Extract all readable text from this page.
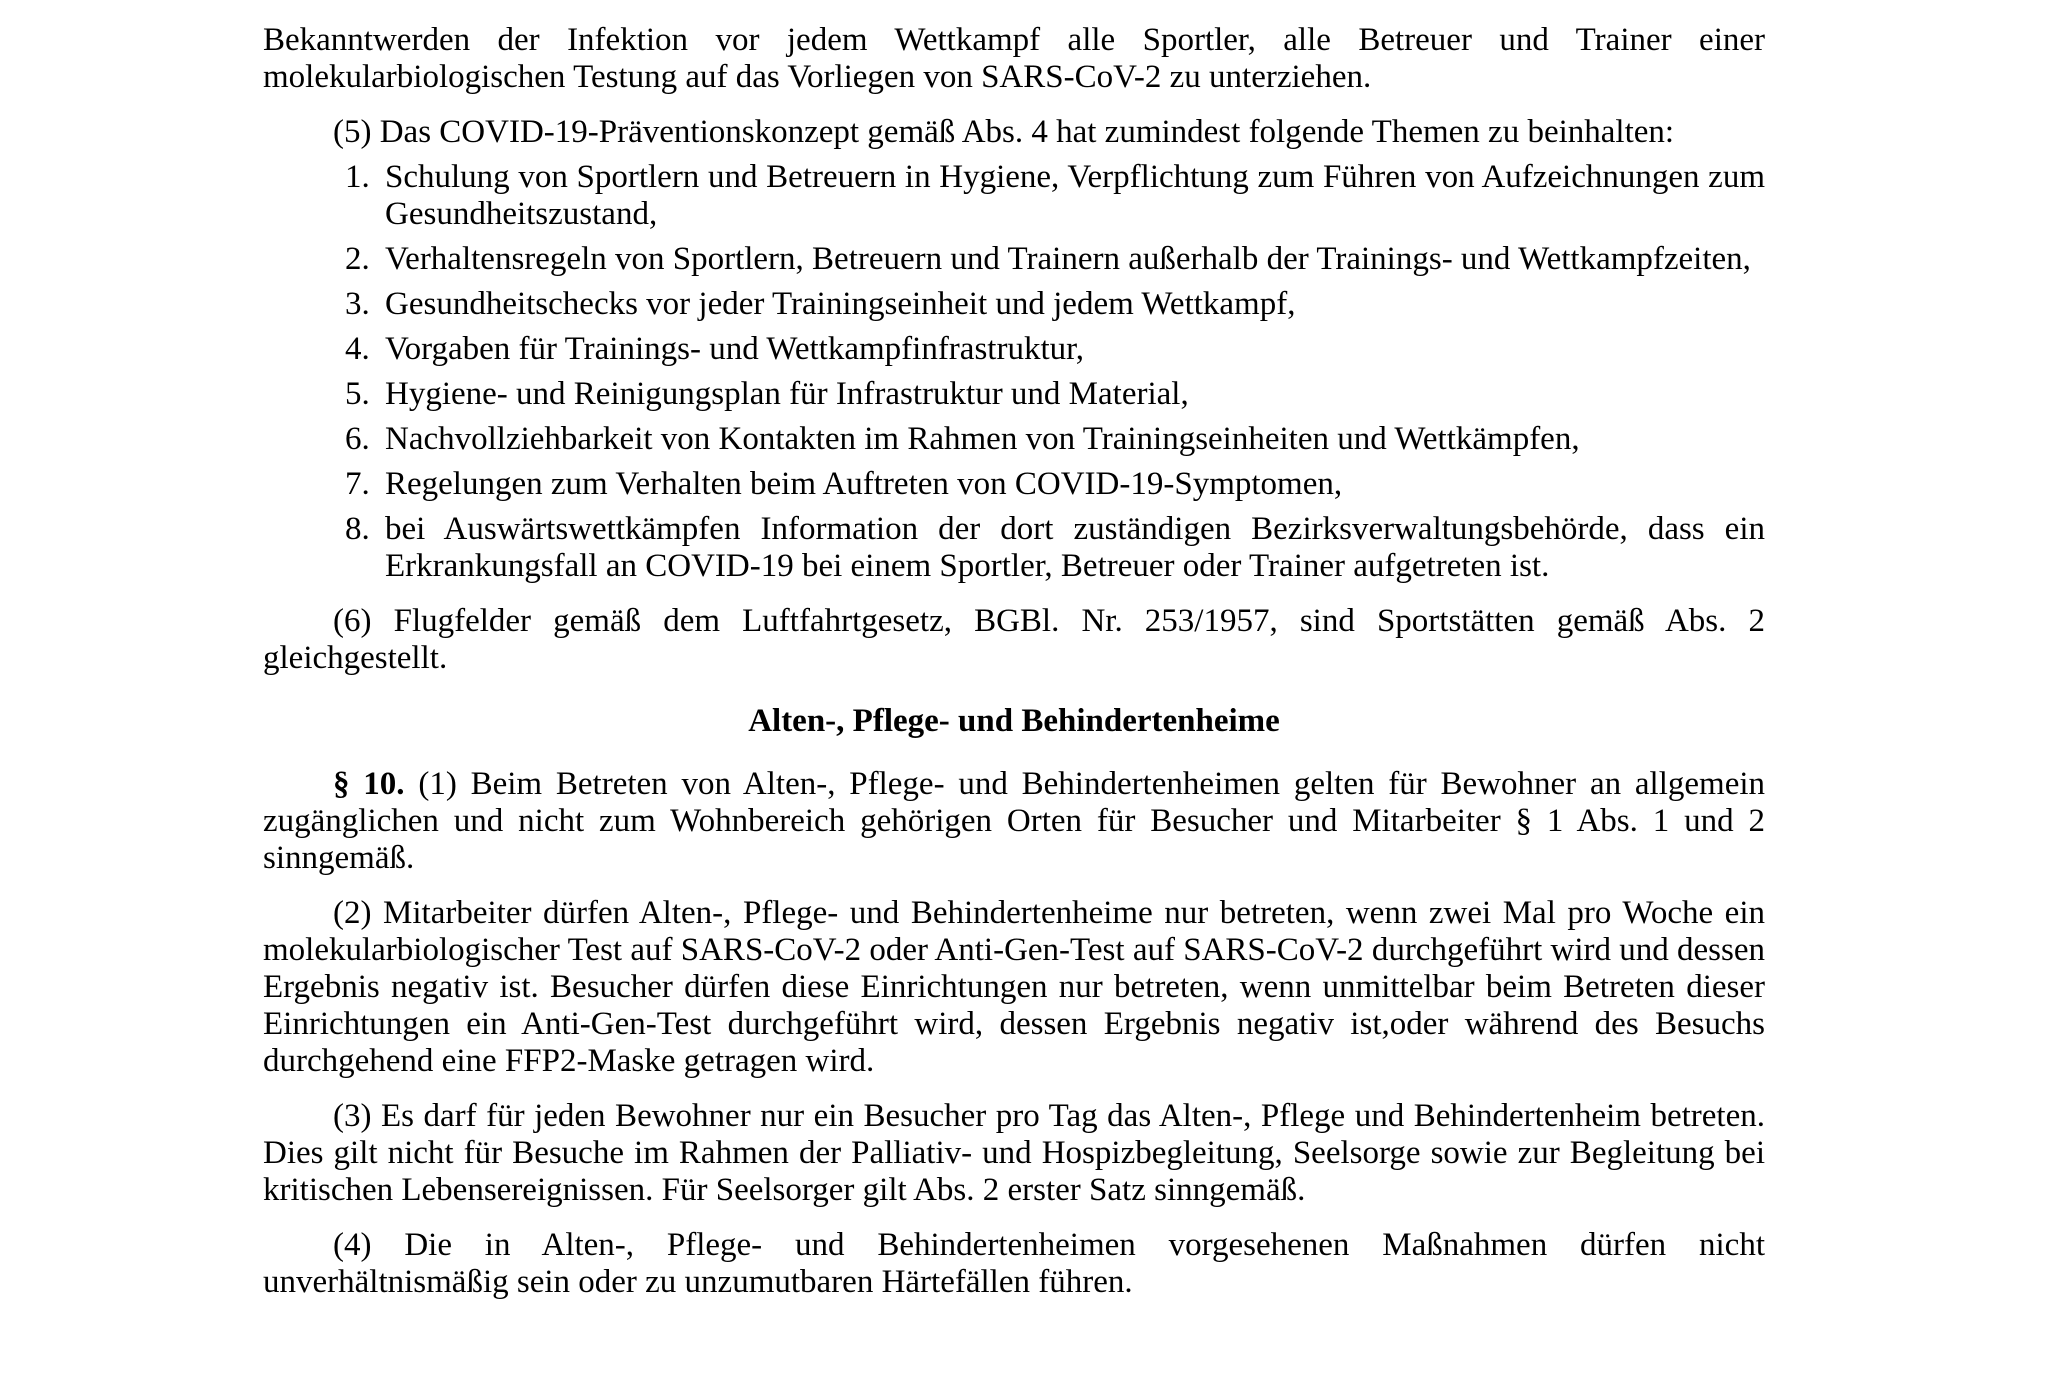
Bekanntwerden der Infektion vor jedem Wettkampf alle Sportler, alle Betreuer und Trainer einer molekularbiologischen Testung auf das Vorliegen von SARS-CoV-2 zu unterziehen.

(5) Das COVID-19-Präventionskonzept gemäß Abs. 4 hat zumindest folgende Themen zu beinhalten:

1. Schulung von Sportlern und Betreuern in Hygiene, Verpflichtung zum Führen von Aufzeichnungen zum Gesundheitszustand,
2. Verhaltensregeln von Sportlern, Betreuern und Trainern außerhalb der Trainings- und Wettkampfzeiten,
3. Gesundheitschecks vor jeder Trainingseinheit und jedem Wettkampf,
4. Vorgaben für Trainings- und Wettkampfinfrastruktur,
5. Hygiene- und Reinigungsplan für Infrastruktur und Material,
6. Nachvollziehbarkeit von Kontakten im Rahmen von Trainingseinheiten und Wettkämpfen,
7. Regelungen zum Verhalten beim Auftreten von COVID-19-Symptomen,
8. bei Auswärtswettkämpfen Information der dort zuständigen Bezirksverwaltungsbehörde, dass ein Erkrankungsfall an COVID-19 bei einem Sportler, Betreuer oder Trainer aufgetreten ist.

(6) Flugfelder gemäß dem Luftfahrtgesetz, BGBl. Nr. 253/1957, sind Sportstätten gemäß Abs. 2 gleichgestellt.

Alten-, Pflege- und Behindertenheime

§ 10. (1) Beim Betreten von Alten-, Pflege- und Behindertenheimen gelten für Bewohner an allgemein zugänglichen und nicht zum Wohnbereich gehörigen Orten für Besucher und Mitarbeiter § 1 Abs. 1 und 2 sinngemäß.

(2) Mitarbeiter dürfen Alten-, Pflege- und Behindertenheime nur betreten, wenn zwei Mal pro Woche ein molekularbiologischer Test auf SARS-CoV-2 oder Anti-Gen-Test auf SARS-CoV-2 durchgeführt wird und dessen Ergebnis negativ ist. Besucher dürfen diese Einrichtungen nur betreten, wenn unmittelbar beim Betreten dieser Einrichtungen ein Anti-Gen-Test durchgeführt wird, dessen Ergebnis negativ ist,oder während des Besuchs durchgehend eine FFP2-Maske getragen wird.

(3) Es darf für jeden Bewohner nur ein Besucher pro Tag das Alten-, Pflege und Behindertenheim betreten. Dies gilt nicht für Besuche im Rahmen der Palliativ- und Hospizbegleitung, Seelsorge sowie zur Begleitung bei kritischen Lebensereignissen. Für Seelsorger gilt Abs. 2 erster Satz sinngemäß.

(4) Die in Alten-, Pflege- und Behindertenheimen vorgesehenen Maßnahmen dürfen nicht unverhältnismäßig sein oder zu unzumutbaren Härtefällen führen.
